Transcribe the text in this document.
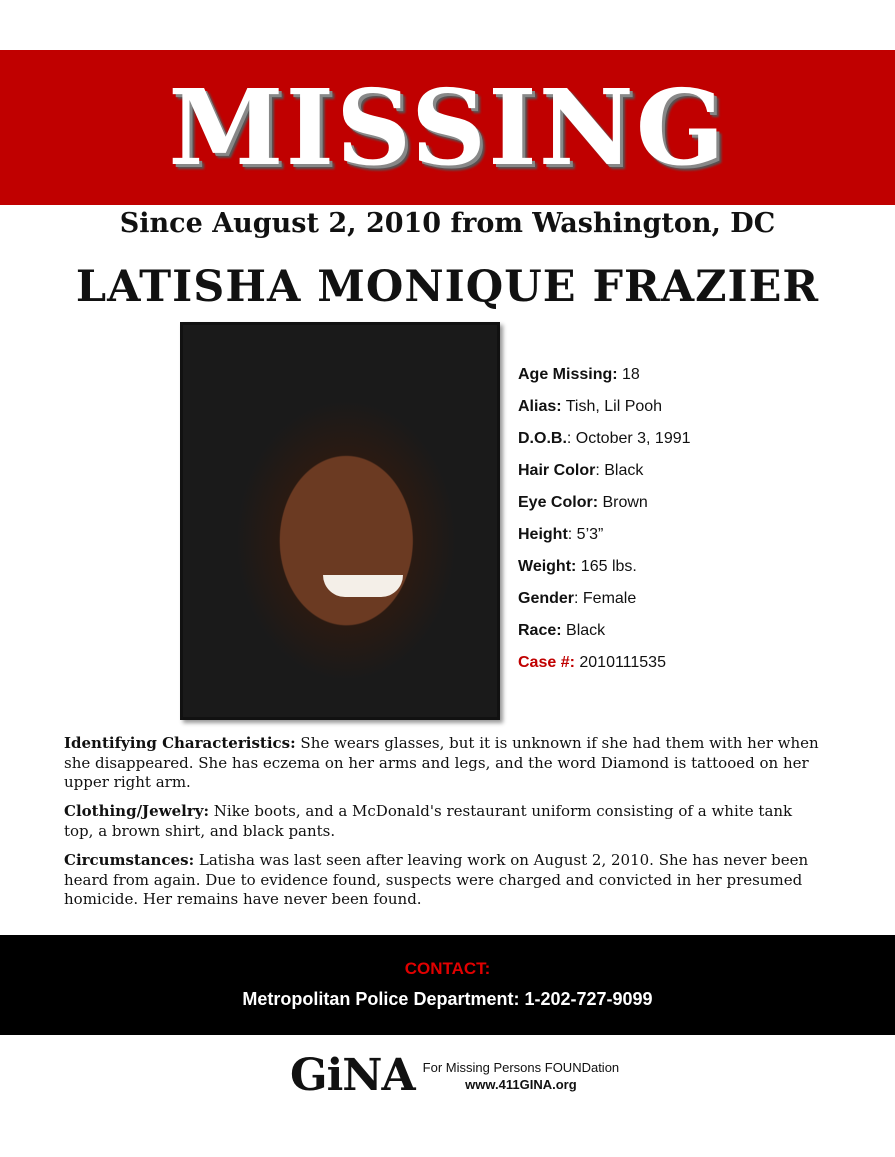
MISSING
Since August 2, 2010 from Washington, DC
LATISHA MONIQUE FRAZIER
Age Missing: 18
Alias: Tish, Lil Pooh
D.O.B.: October 3, 1991
Hair Color: Black
Eye Color: Brown
Height: 5’3”
Weight: 165 lbs.
Gender: Female
Race: Black
Case #: 2010111535
Identifying Characteristics: She wears glasses, but it is unknown if she had them with her when she disappeared. She has eczema on her arms and legs, and the word Diamond is tattooed on her upper right arm.
Clothing/Jewelry: Nike boots, and a McDonald's restaurant uniform consisting of a white tank top, a brown shirt, and black pants.
Circumstances: Latisha was last seen after leaving work on August 2, 2010. She has never been heard from again. Due to evidence found, suspects were charged and convicted in her presumed homicide. Her remains have never been found.
CONTACT:
Metropolitan Police Department: 1-202-727-9099
GiNA For Missing Persons FOUNDation
www.411GINA.org
